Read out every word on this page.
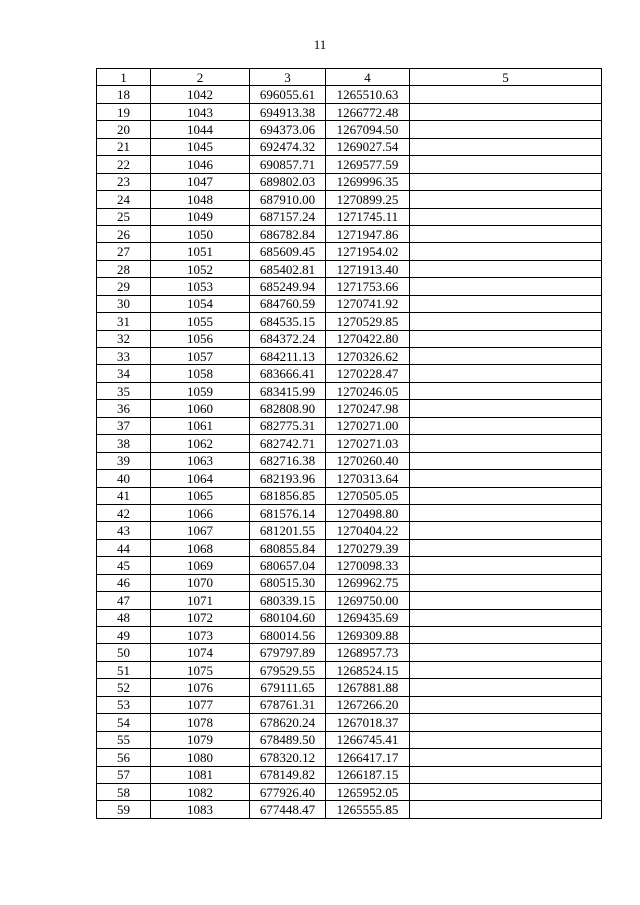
11
1	2	3	4	5
18	1042	696055.61	1265510.63	
19	1043	694913.38	1266772.48	
20	1044	694373.06	1267094.50	
21	1045	692474.32	1269027.54	
22	1046	690857.71	1269577.59	
23	1047	689802.03	1269996.35	
24	1048	687910.00	1270899.25	
25	1049	687157.24	1271745.11	
26	1050	686782.84	1271947.86	
27	1051	685609.45	1271954.02	
28	1052	685402.81	1271913.40	
29	1053	685249.94	1271753.66	
30	1054	684760.59	1270741.92	
31	1055	684535.15	1270529.85	
32	1056	684372.24	1270422.80	
33	1057	684211.13	1270326.62	
34	1058	683666.41	1270228.47	
35	1059	683415.99	1270246.05	
36	1060	682808.90	1270247.98	
37	1061	682775.31	1270271.00	
38	1062	682742.71	1270271.03	
39	1063	682716.38	1270260.40	
40	1064	682193.96	1270313.64	
41	1065	681856.85	1270505.05	
42	1066	681576.14	1270498.80	
43	1067	681201.55	1270404.22	
44	1068	680855.84	1270279.39	
45	1069	680657.04	1270098.33	
46	1070	680515.30	1269962.75	
47	1071	680339.15	1269750.00	
48	1072	680104.60	1269435.69	
49	1073	680014.56	1269309.88	
50	1074	679797.89	1268957.73	
51	1075	679529.55	1268524.15	
52	1076	679111.65	1267881.88	
53	1077	678761.31	1267266.20	
54	1078	678620.24	1267018.37	
55	1079	678489.50	1266745.41	
56	1080	678320.12	1266417.17	
57	1081	678149.82	1266187.15	
58	1082	677926.40	1265952.05	
59	1083	677448.47	1265555.85	
